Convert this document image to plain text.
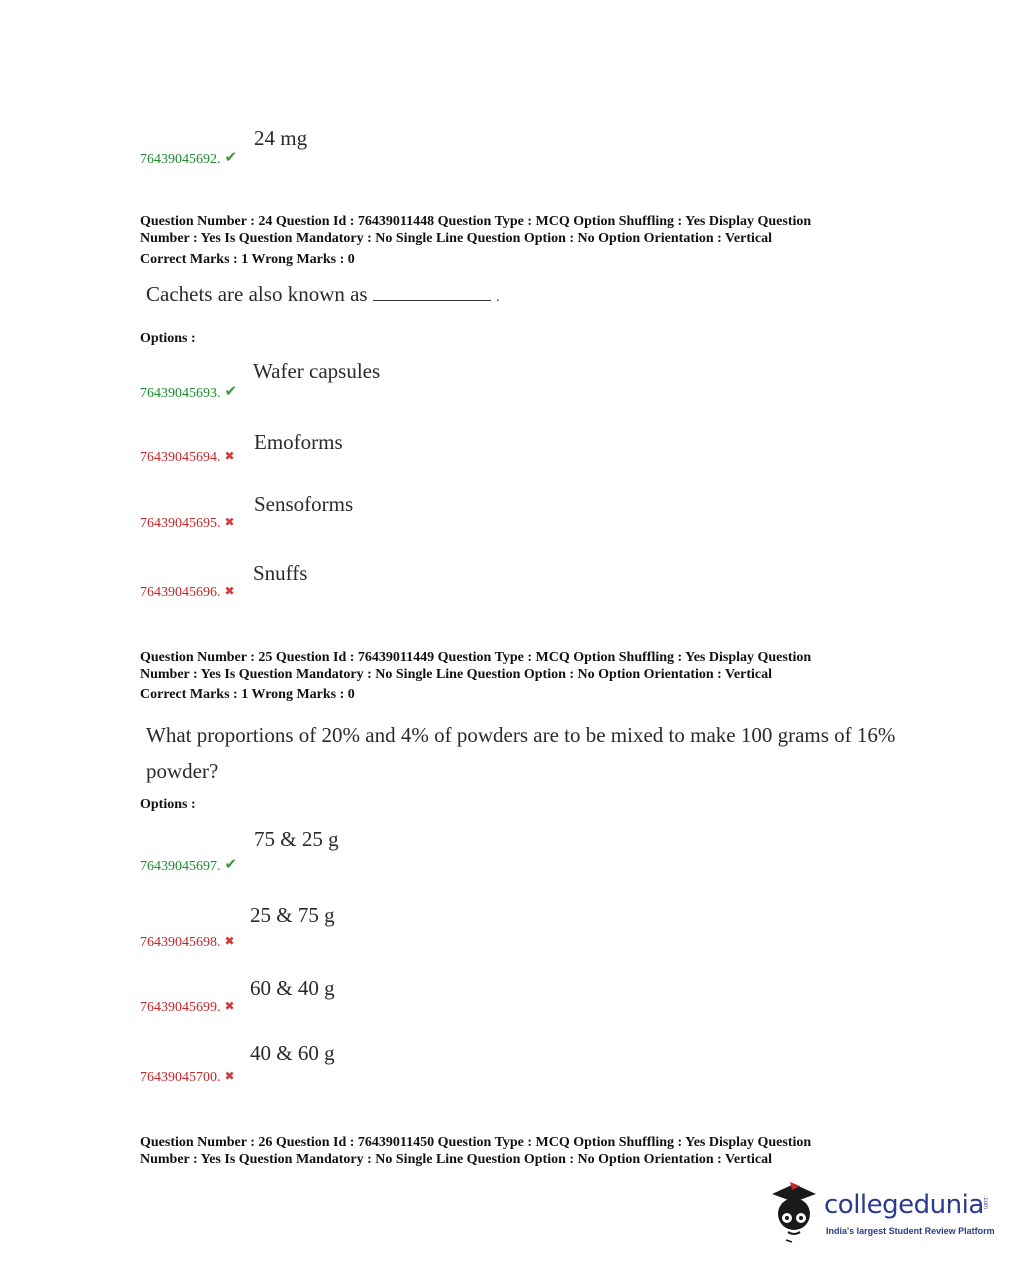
24 mg
76439045692. ✔
Question Number : 24 Question Id : 76439011448 Question Type : MCQ Option Shuffling : Yes Display Question
Number : Yes Is Question Mandatory : No Single Line Question Option : No Option Orientation : Vertical
Correct Marks : 1 Wrong Marks : 0
Cachets are also known as	.
Options :
Wafer capsules
76439045693. ✔
Emoforms
76439045694. ✖
Sensoforms
76439045695. ✖
Snuffs
76439045696. ✖
Question Number : 25 Question Id : 76439011449 Question Type : MCQ Option Shuffling : Yes Display Question
Number : Yes Is Question Mandatory : No Single Line Question Option : No Option Orientation : Vertical
Correct Marks : 1 Wrong Marks : 0
What proportions of 20% and 4% of powders are to be mixed to make 100 grams of 16%
powder?
Options :
75 & 25 g
76439045697. ✔
25 & 75 g
76439045698. ✖
60 & 40 g
76439045699. ✖
40 & 60 g
76439045700. ✖
Question Number : 26 Question Id : 76439011450 Question Type : MCQ Option Shuffling : Yes Display Question
Number : Yes Is Question Mandatory : No Single Line Question Option : No Option Orientation : Vertical
collegedunia
.com
India's largest Student Review Platform
